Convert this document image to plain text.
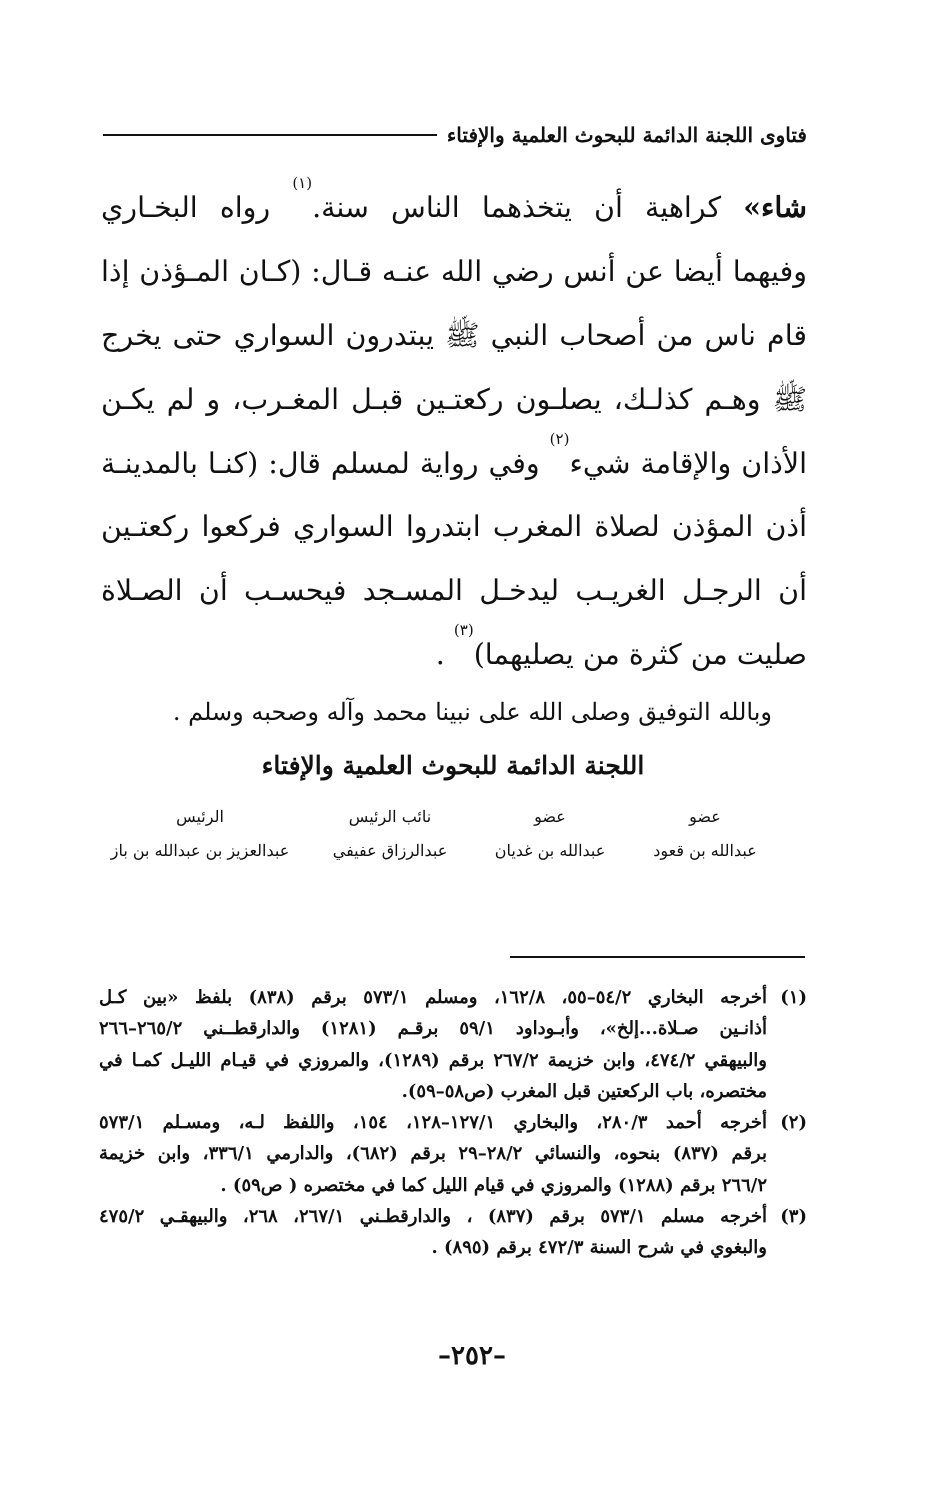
فتاوى اللجنة الدائمة للبحوث العلمية والإفتاء
شاء» كراهية أن يتخذهما الناس سنة.$^{(١)}$ رواه البخـاري
وفيهما أيضا عن أنس رضي الله عنـه قـال: (كـان المـؤذن إذا
قام ناس من أصحاب النبي ﷺ يبتدرون السواري حتى يخرج
ﷺ وهـم كذلـك، يصلـون ركعتـين قبـل المغـرب، و لم يكـن
الأذان والإقامة شيء$^{(٢)}$ وفي رواية لمسلم قال: (كنـا بالمدينـة
أذن المؤذن لصلاة المغرب ابتدروا السواري فركعوا ركعتـين
أن الرجـل الغريـب ليدخـل المسـجد فيحسـب أن الصـلاة
صليت من كثرة من يصليهما)$^{(٣)}$ .
وبالله التوفيق وصلى الله على نبينا محمد وآله وصحبه وسلم .
اللجنة الدائمة للبحوث العلمية والإفتاء
عضو
عبدالله بن قعود
عضو
عبدالله بن غديان
نائب الرئيس
عبدالرزاق عفيفي
الرئيس
عبدالعزيز بن عبدالله بن باز
(١)
أخرجه البخاري ٥٤/٢–٥٥، ١٦٢/٨، ومسلم ٥٧٣/١ برقم (٨٣٨) بلفظ «بين كـل
أذانـين صـلاة...إلخ»، وأبـوداود ٥٩/١ برقـم (١٢٨١) والدارقطــني ٢٦٥/٢–٢٦٦
والبيهقي ٤٧٤/٢، وابن خزيمة ٢٦٧/٢ برقم (١٢٨٩)، والمروزي في قيـام الليـل كمـا في
مختصره، باب الركعتين قبل المغرب (ص٥٨–٥٩).
(٢)
أخرجه أحمد ٢٨٠/٣، والبخاري ١٢٧/١–١٢٨، ١٥٤، واللفظ لـه، ومسـلم ٥٧٣/١
برقم (٨٣٧) بنحوه، والنسائي ٢٨/٢–٢٩ برقم (٦٨٢)، والدارمي ٣٣٦/١، وابن خزيمة
٢٦٦/٢ برقم (١٢٨٨) والمروزي في قيام الليل كما في مختصره ( ص٥٩) .
(٣)
أخرجه مسلم ٥٧٣/١ برقم (٨٣٧) ، والدارقطـني ٢٦٧/١، ٢٦٨، والبيهقـي ٤٧٥/٢
والبغوي في شرح السنة ٤٧٢/٣ برقم (٨٩٥) .
–٢٥٢–
